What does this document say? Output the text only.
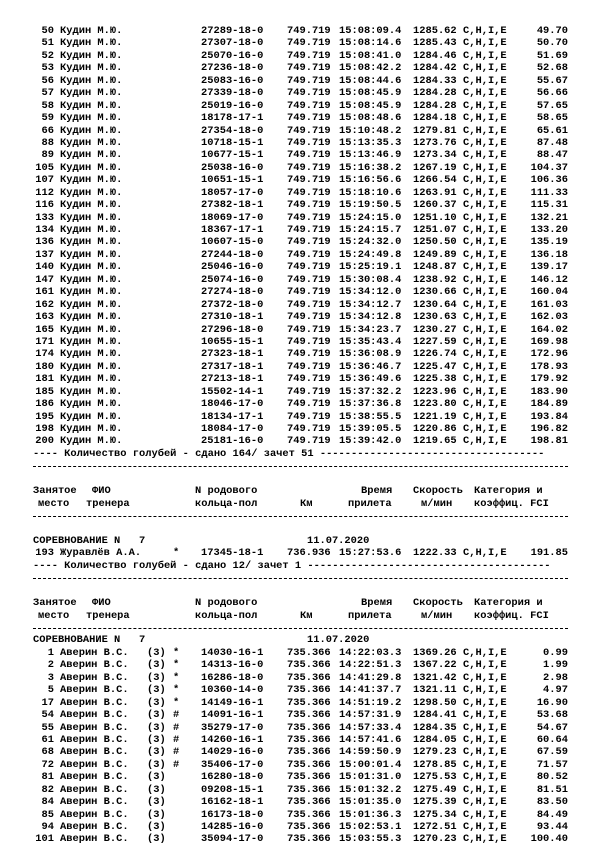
50 Кудин М.Ю.	27289-18-0 749.719 15:08:09.4 1285.62 C,H,I,E	49.70
51 Кудин М.Ю.	27307-18-0 749.719 15:08:14.6 1285.43 C,H,I,E	50.70
52 Кудин М.Ю.	25070-16-0 749.719 15:08:41.0 1284.46 C,H,I,E	51.69
53 Кудин М.Ю.	27236-18-0 749.719 15:08:42.2 1284.42 C,H,I,E	52.68
56 Кудин М.Ю.	25083-16-0 749.719 15:08:44.6 1284.33 C,H,I,E	55.67
57 Кудин М.Ю.	27339-18-0 749.719 15:08:45.9 1284.28 C,H,I,E	56.66
58 Кудин М.Ю.	25019-16-0 749.719 15:08:45.9 1284.28 C,H,I,E	57.65
59 Кудин М.Ю.	18178-17-1 749.719 15:08:48.6 1284.18 C,H,I,E	58.65
66 Кудин М.Ю.	27354-18-0 749.719 15:10:48.2 1279.81 C,H,I,E	65.61
88 Кудин М.Ю.	10718-15-1 749.719 15:13:35.3 1273.76 C,H,I,E	87.48
89 Кудин М.Ю.	10677-15-1 749.719 15:13:46.9 1273.34 C,H,I,E	88.47
105 Кудин М.Ю.	25038-16-0 749.719 15:16:38.2 1267.19 C,H,I,E 104.37
107 Кудин М.Ю.	10651-15-1 749.719 15:16:56.6 1266.54 C,H,I,E 106.36
112 Кудин М.Ю.	18057-17-0 749.719 15:18:10.6 1263.91 C,H,I,E 111.33
116 Кудин М.Ю.	27382-18-1 749.719 15:19:50.5 1260.37 C,H,I,E 115.31
133 Кудин М.Ю.	18069-17-0 749.719 15:24:15.0 1251.10 C,H,I,E 132.21
134 Кудин М.Ю.	18367-17-1 749.719 15:24:15.7 1251.07 C,H,I,E 133.20
136 Кудин М.Ю.	10607-15-0 749.719 15:24:32.0 1250.50 C,H,I,E 135.19
137 Кудин М.Ю.	27244-18-0 749.719 15:24:49.8 1249.89 C,H,I,E 136.18
140 Кудин М.Ю.	25046-16-0 749.719 15:25:19.1 1248.87 C,H,I,E 139.17
147 Кудин М.Ю.	25074-16-0 749.719 15:30:08.4 1238.92 C,H,I,E 146.12
161 Кудин М.Ю.	27274-18-0 749.719 15:34:12.0 1230.66 C,H,I,E 160.04
162 Кудин М.Ю.	27372-18-0 749.719 15:34:12.7 1230.64 C,H,I,E 161.03
163 Кудин М.Ю.	27310-18-1 749.719 15:34:12.8 1230.63 C,H,I,E 162.03
165 Кудин М.Ю.	27296-18-0 749.719 15:34:23.7 1230.27 C,H,I,E 164.02
171 Кудин М.Ю.	10655-15-1 749.719 15:35:43.4 1227.59 C,H,I,E 169.98
174 Кудин М.Ю.	27323-18-1 749.719 15:36:08.9 1226.74 C,H,I,E 172.96
180 Кудин М.Ю.	27317-18-1 749.719 15:36:46.7 1225.47 C,H,I,E 178.93
181 Кудин М.Ю.	27213-18-1 749.719 15:36:49.6 1225.38 C,H,I,E 179.92
185 Кудин М.Ю.	15502-14-1 749.719 15:37:32.2 1223.96 C,H,I,E 183.90
186 Кудин М.Ю.	18046-17-0 749.719 15:37:36.8 1223.80 C,H,I,E 184.89
195 Кудин М.Ю.	18134-17-1 749.719 15:38:55.5 1221.19 C,H,I,E 193.84
198 Кудин М.Ю.	18084-17-0 749.719 15:39:05.5 1220.86 C,H,I,E 196.82
200 Кудин М.Ю.	25181-16-0 749.719 15:39:42.0 1219.65 C,H,I,E 198.81
---- Количество голубей - сдано 164/ зачет 51 ------------------------------------
Занятое ФИО	N родового	Время Скорость Категория и
место тренера	кольца-пол	Км	прилета	м/мин коэффиц. FCI
СОРЕВНОВАНИЕ N   7	11.07.2020
193 Журавлёв А.А.	* 17345-18-1 736.936 15:27:53.6 1222.33 C,H,I,E 191.85
---- Количество голубей - сдано 12/ зачет 1 ---------------------------------------
Занятое ФИО	N родового	Время Скорость Категория и
место тренера	кольца-пол	Км	прилета	м/мин коэффиц. FCI
СОРЕВНОВАНИЕ N   7	11.07.2020
1 Аверин В.С. (3) * 14030-16-1 735.366 14:22:03.3 1369.26 C,H,I,E	0.99
2 Аверин В.С. (3) * 14313-16-0 735.366 14:22:51.3 1367.22 C,H,I,E	1.99
3 Аверин В.С. (3) * 16286-18-0 735.366 14:41:29.8 1321.42 C,H,I,E	2.98
5 Аверин В.С. (3) * 10360-14-0 735.366 14:41:37.7 1321.11 C,H,I,E	4.97
17 Аверин В.С. (3) * 14149-16-1 735.366 14:51:19.2 1298.50 C,H,I,E	16.90
54 Аверин В.С. (3) # 14091-16-1 735.366 14:57:31.9 1284.41 C,H,I,E	53.68
55 Аверин В.С. (3) # 35279-17-0 735.366 14:57:33.4 1284.35 C,H,I,E	54.67
61 Аверин В.С. (3) # 14260-16-1 735.366 14:57:41.6 1284.05 C,H,I,E	60.64
68 Аверин В.С. (3) # 14029-16-0 735.366 14:59:50.9 1279.23 C,H,I,E	67.59
72 Аверин В.С. (3) # 35406-17-0 735.366 15:00:01.4 1278.85 C,H,I,E	71.57
81 Аверин В.С. (3)	16280-18-0 735.366 15:01:31.0 1275.53 C,H,I,E	80.52
82 Аверин В.С. (3)	09208-15-1 735.366 15:01:32.2 1275.49 C,H,I,E	81.51
84 Аверин В.С. (3)	16162-18-1 735.366 15:01:35.0 1275.39 C,H,I,E	83.50
85 Аверин В.С. (3)	16173-18-0 735.366 15:01:36.3 1275.34 C,H,I,E	84.49
94 Аверин В.С. (3)	14285-16-0 735.366 15:02:53.1 1272.51 C,H,I,E	93.44
101 Аверин В.С. (3)	35094-17-0 735.366 15:03:55.3 1270.23 C,H,I,E 100.40
